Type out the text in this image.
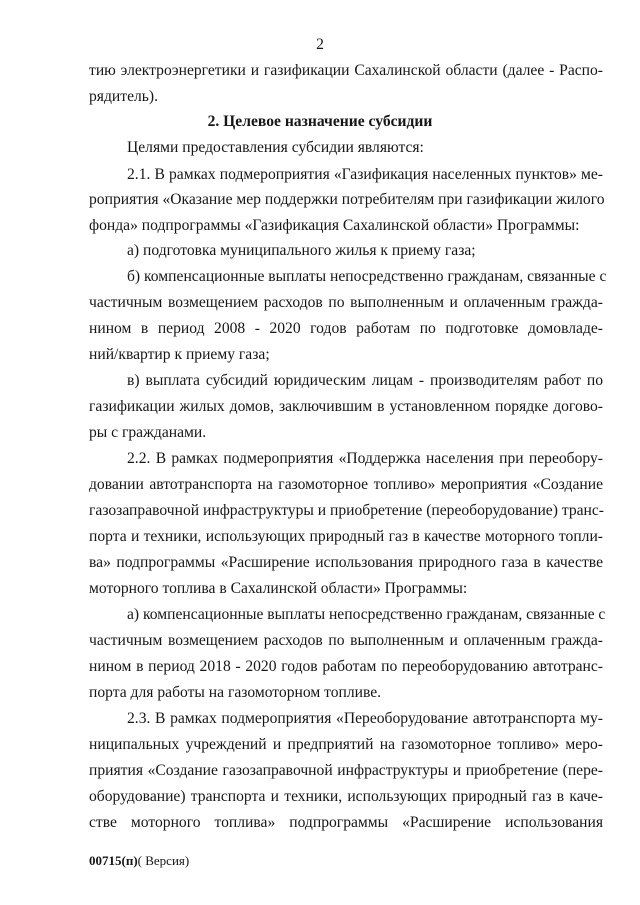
2
тию электроэнергетики и газификации Сахалинской области (далее - Распо-
рядитель).
2. Целевое назначение субсидии
Целями предоставления субсидии являются:
2.1. В рамках подмероприятия «Газификация населенных пунктов» ме-
роприятия «Оказание мер поддержки потребителям при газификации жилого
фонда» подпрограммы «Газификация Сахалинской области» Программы:
а) подготовка муниципального жилья к приему газа;
б) компенсационные выплаты непосредственно гражданам, связанные с
частичным возмещением расходов по выполненным и оплаченным гражда-
нином в период 2008 - 2020 годов работам по подготовке домовладе-
ний/квартир к приему газа;
в) выплата субсидий юридическим лицам - производителям работ по
газификации жилых домов, заключившим в установленном порядке догово-
ры с гражданами.
2.2. В рамках подмероприятия «Поддержка населения при переобору-
довании автотранспорта на газомоторное топливо» мероприятия «Создание
газозаправочной инфраструктуры и приобретение (переоборудование) транс-
порта и техники, использующих природный газ в качестве моторного топли-
ва» подпрограммы «Расширение использования природного газа в качестве
моторного топлива в Сахалинской области» Программы:
а) компенсационные выплаты непосредственно гражданам, связанные с
частичным возмещением расходов по выполненным и оплаченным гражда-
нином в период 2018 - 2020 годов работам по переоборудованию автотранс-
порта для работы на газомоторном топливе.
2.3. В рамках подмероприятия «Переоборудование автотранспорта му-
ниципальных учреждений и предприятий на газомоторное топливо» меро-
приятия «Создание газозаправочной инфраструктуры и приобретение (пере-
оборудование) транспорта и техники, использующих природный газ в каче-
стве моторного топлива» подпрограммы «Расширение использования
00715(п)( Версия)
